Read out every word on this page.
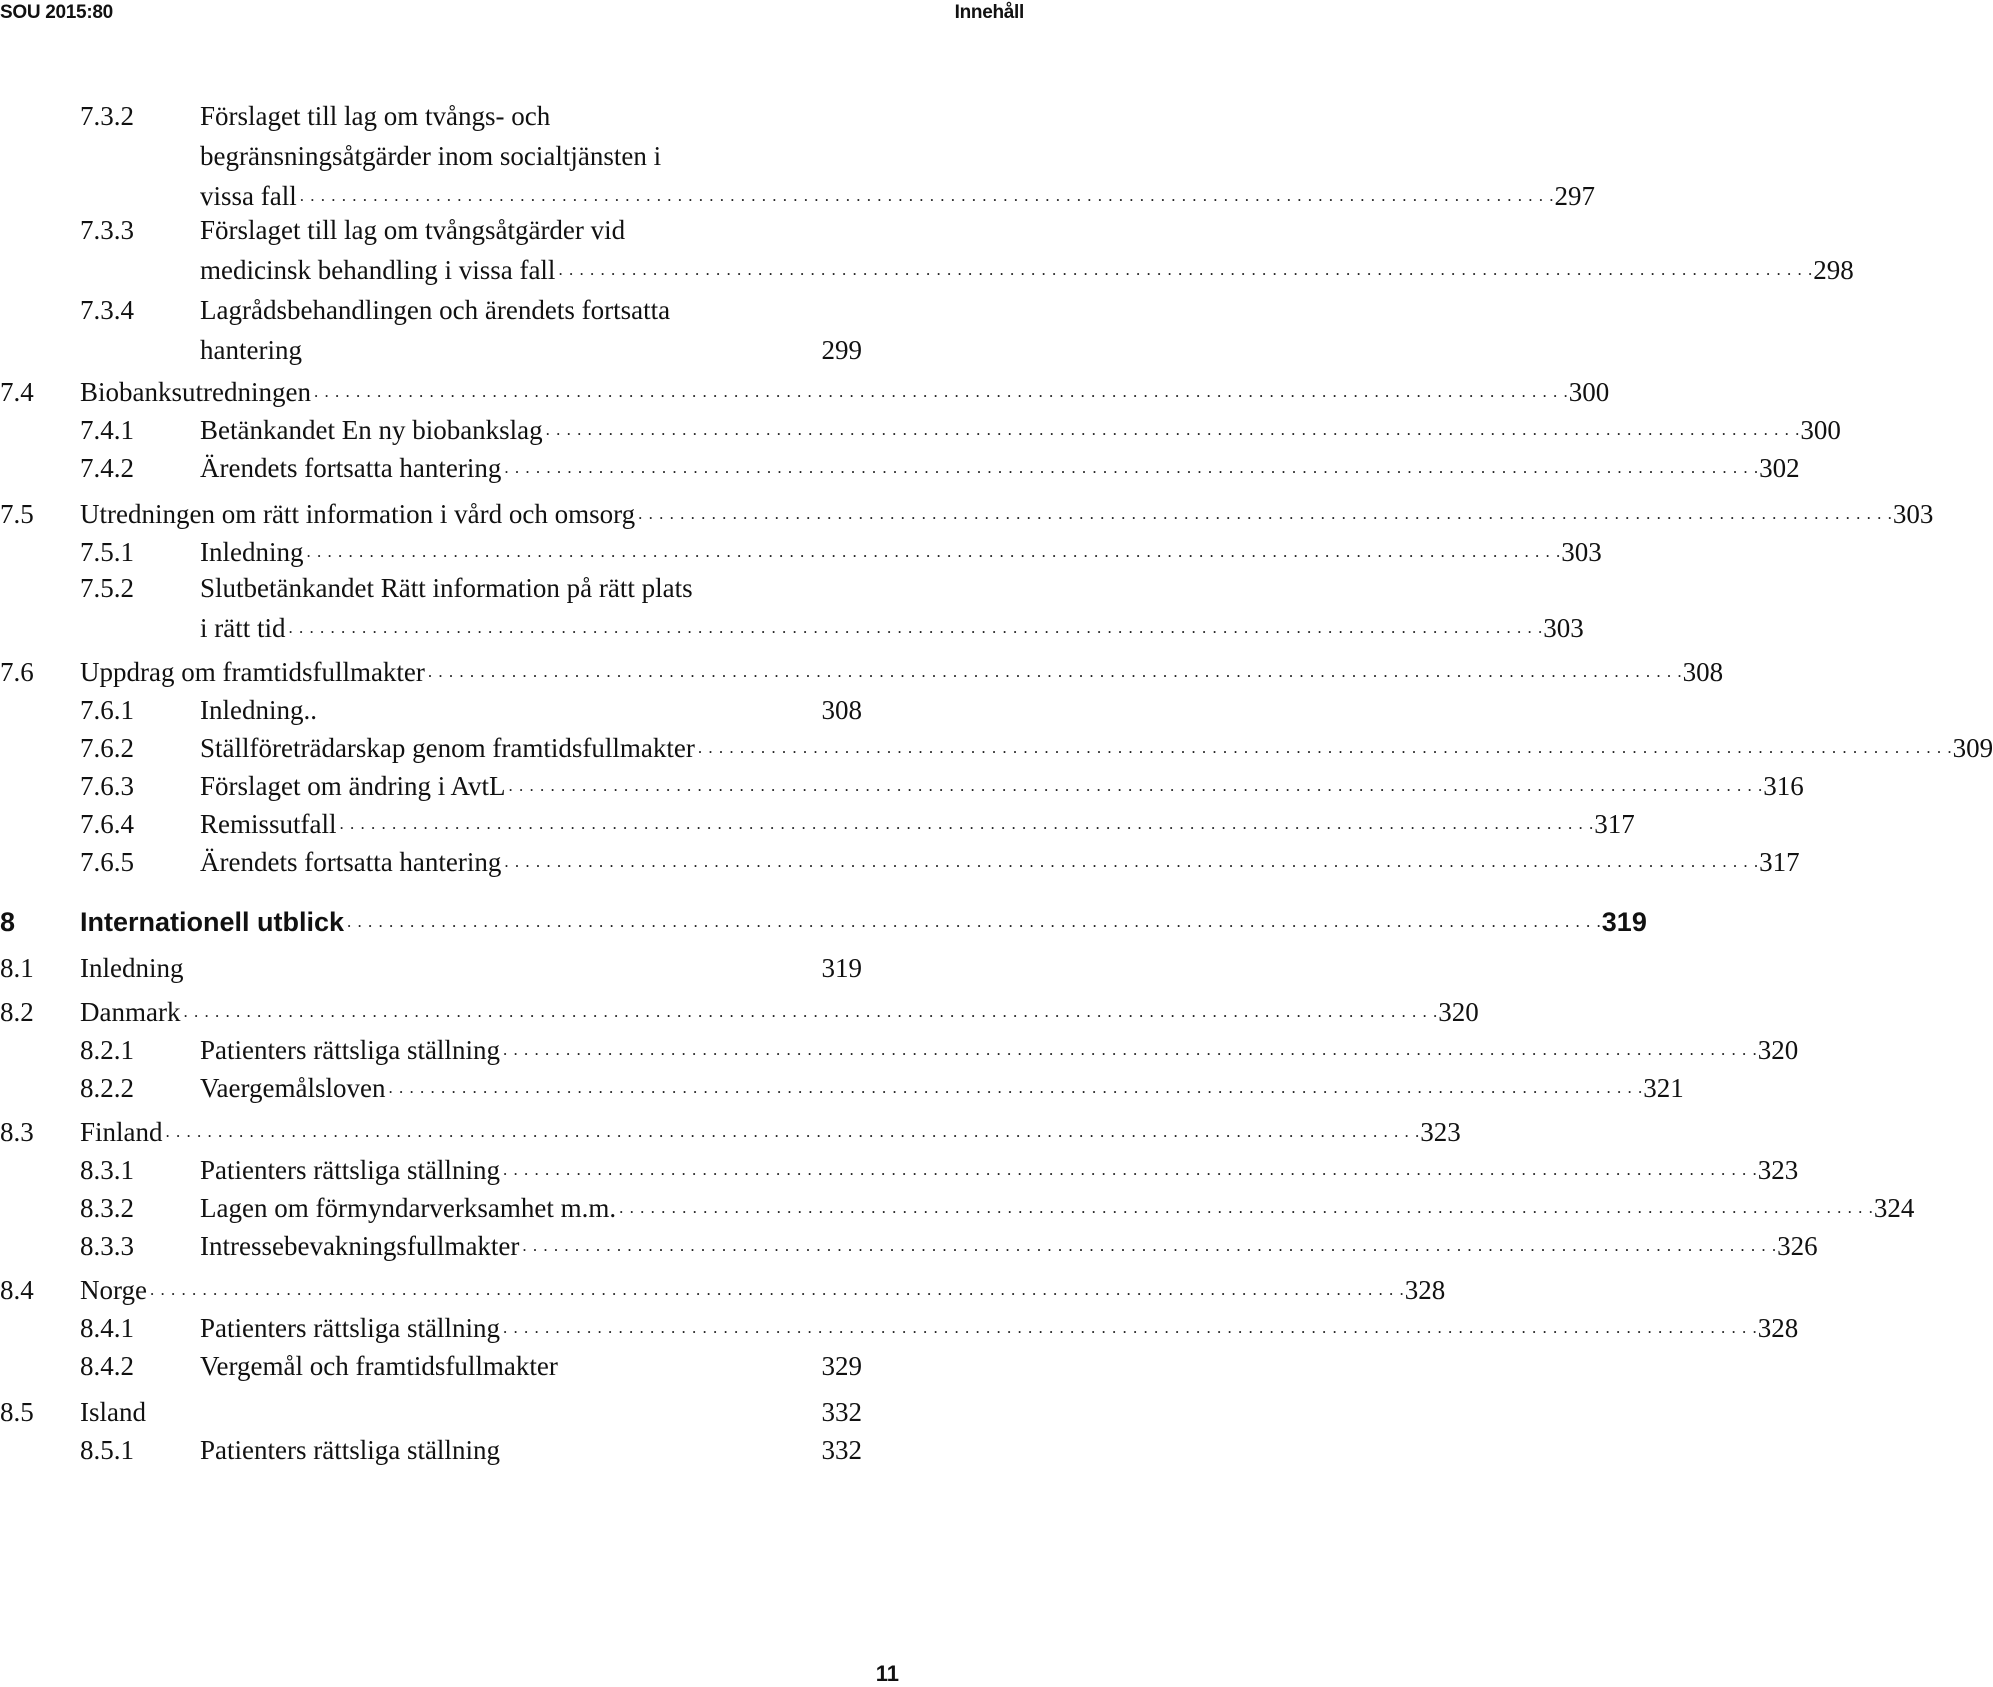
SOU 2015:80	Innehåll
7.3.2 Förslaget till lag om tvångs- och
begränsningsåtgärder inom socialtjänsten i
vissa fall . . . . . . . . . . . . . . . . . . . . . . . . . . . . . . . . . . . . . . . . . . . . . . . . . . . . . . . . . . . . . . . . . . . . . . . . . . . . . . . . . . . . . . . . . . . . . . . . . . . . . . . . . . . . . . . . . . . . . . . . 297
7.3.3 Förslaget till lag om tvångsåtgärder vid
medicinsk behandling i vissa fall . . . . . . . . . . . . . . . . . . . . . . . . . . . . . . . . . . . . . . . . . . . . . . . . . . . . . . . . . . . . . . . . . . . . . . . . . . . . . . . . . . . . . . . . . . . . . . . . . . . . . . . . . . . . . . . . . . . . . . . . 298
7.3.4 Lagrådsbehandlingen och ärendets fortsatta
hantering	299
7.4 Biobanksutredningen . . . . . . . . . . . . . . . . . . . . . . . . . . . . . . . . . . . . . . . . . . . . . . . . . . . . . . . . . . . . . . . . . . . . . . . . . . . . . . . . . . . . . . . . . . . . . . . . . . . . . . . . . . . . . . . . . . . . . . . . 300
7.4.1 Betänkandet En ny biobankslag . . . . . . . . . . . . . . . . . . . . . . . . . . . . . . . . . . . . . . . . . . . . . . . . . . . . . . . . . . . . . . . . . . . . . . . . . . . . . . . . . . . . . . . . . . . . . . . . . . . . . . . . . . . . . . . . . . . . . . . . 300
7.4.2 Ärendets fortsatta hantering . . . . . . . . . . . . . . . . . . . . . . . . . . . . . . . . . . . . . . . . . . . . . . . . . . . . . . . . . . . . . . . . . . . . . . . . . . . . . . . . . . . . . . . . . . . . . . . . . . . . . . . . . . . . . . . . . . . . . . . . 302
7.5 Utredningen om rätt information i vård och omsorg . . . . . . . . . . . . . . . . . . . . . . . . . . . . . . . . . . . . . . . . . . . . . . . . . . . . . . . . . . . . . . . . . . . . . . . . . . . . . . . . . . . . . . . . . . . . . . . . . . . . . . . . . . . . . . . . . . . . . . . . 303
7.5.1 Inledning . . . . . . . . . . . . . . . . . . . . . . . . . . . . . . . . . . . . . . . . . . . . . . . . . . . . . . . . . . . . . . . . . . . . . . . . . . . . . . . . . . . . . . . . . . . . . . . . . . . . . . . . . . . . . . . . . . . . . . . . 303
7.5.2 Slutbetänkandet Rätt information på rätt plats
i rätt tid . . . . . . . . . . . . . . . . . . . . . . . . . . . . . . . . . . . . . . . . . . . . . . . . . . . . . . . . . . . . . . . . . . . . . . . . . . . . . . . . . . . . . . . . . . . . . . . . . . . . . . . . . . . . . . . . . . . . . . . . 303
7.6 Uppdrag om framtidsfullmakter . . . . . . . . . . . . . . . . . . . . . . . . . . . . . . . . . . . . . . . . . . . . . . . . . . . . . . . . . . . . . . . . . . . . . . . . . . . . . . . . . . . . . . . . . . . . . . . . . . . . . . . . . . . . . . . . . . . . . . . . 308
7.6.1 Inledning..	308
7.6.2 Ställföreträdarskap genom framtidsfullmakter . . . . . . . . . . . . . . . . . . . . . . . . . . . . . . . . . . . . . . . . . . . . . . . . . . . . . . . . . . . . . . . . . . . . . . . . . . . . . . . . . . . . . . . . . . . . . . . . . . . . . . . . . . . . . . . . . . . . . . . . 309
7.6.3 Förslaget om ändring i AvtL . . . . . . . . . . . . . . . . . . . . . . . . . . . . . . . . . . . . . . . . . . . . . . . . . . . . . . . . . . . . . . . . . . . . . . . . . . . . . . . . . . . . . . . . . . . . . . . . . . . . . . . . . . . . . . . . . . . . . . . . 316
7.6.4 Remissutfall . . . . . . . . . . . . . . . . . . . . . . . . . . . . . . . . . . . . . . . . . . . . . . . . . . . . . . . . . . . . . . . . . . . . . . . . . . . . . . . . . . . . . . . . . . . . . . . . . . . . . . . . . . . . . . . . . . . . . . . . 317
7.6.5 Ärendets fortsatta hantering . . . . . . . . . . . . . . . . . . . . . . . . . . . . . . . . . . . . . . . . . . . . . . . . . . . . . . . . . . . . . . . . . . . . . . . . . . . . . . . . . . . . . . . . . . . . . . . . . . . . . . . . . . . . . . . . . . . . . . . . 317
8 Internationell utblick . . . . . . . . . . . . . . . . . . . . . . . . . . . . . . . . . . . . . . . . . . . . . . . . . . . . . . . . . . . . . . . . . . . . . . . . . . . . . . . . . . . . . . . . . . . . . . . . . . . . . . . . . . . . . . . . . . . . . . . . 319
8.1 Inledning	319
8.2 Danmark . . . . . . . . . . . . . . . . . . . . . . . . . . . . . . . . . . . . . . . . . . . . . . . . . . . . . . . . . . . . . . . . . . . . . . . . . . . . . . . . . . . . . . . . . . . . . . . . . . . . . . . . . . . . . . . . . . . . . . . . 320
8.2.1 Patienters rättsliga ställning . . . . . . . . . . . . . . . . . . . . . . . . . . . . . . . . . . . . . . . . . . . . . . . . . . . . . . . . . . . . . . . . . . . . . . . . . . . . . . . . . . . . . . . . . . . . . . . . . . . . . . . . . . . . . . . . . . . . . . . . 320
8.2.2 Vaergemålsloven . . . . . . . . . . . . . . . . . . . . . . . . . . . . . . . . . . . . . . . . . . . . . . . . . . . . . . . . . . . . . . . . . . . . . . . . . . . . . . . . . . . . . . . . . . . . . . . . . . . . . . . . . . . . . . . . . . . . . . . . 321
8.3 Finland . . . . . . . . . . . . . . . . . . . . . . . . . . . . . . . . . . . . . . . . . . . . . . . . . . . . . . . . . . . . . . . . . . . . . . . . . . . . . . . . . . . . . . . . . . . . . . . . . . . . . . . . . . . . . . . . . . . . . . . . 323
8.3.1 Patienters rättsliga ställning . . . . . . . . . . . . . . . . . . . . . . . . . . . . . . . . . . . . . . . . . . . . . . . . . . . . . . . . . . . . . . . . . . . . . . . . . . . . . . . . . . . . . . . . . . . . . . . . . . . . . . . . . . . . . . . . . . . . . . . . 323
8.3.2 Lagen om förmyndarverksamhet m.m. . . . . . . . . . . . . . . . . . . . . . . . . . . . . . . . . . . . . . . . . . . . . . . . . . . . . . . . . . . . . . . . . . . . . . . . . . . . . . . . . . . . . . . . . . . . . . . . . . . . . . . . . . . . . . . . . . . . . . . . . 324
8.3.3 Intressebevakningsfullmakter . . . . . . . . . . . . . . . . . . . . . . . . . . . . . . . . . . . . . . . . . . . . . . . . . . . . . . . . . . . . . . . . . . . . . . . . . . . . . . . . . . . . . . . . . . . . . . . . . . . . . . . . . . . . . . . . . . . . . . . . 326
8.4 Norge . . . . . . . . . . . . . . . . . . . . . . . . . . . . . . . . . . . . . . . . . . . . . . . . . . . . . . . . . . . . . . . . . . . . . . . . . . . . . . . . . . . . . . . . . . . . . . . . . . . . . . . . . . . . . . . . . . . . . . . . 328
8.4.1 Patienters rättsliga ställning . . . . . . . . . . . . . . . . . . . . . . . . . . . . . . . . . . . . . . . . . . . . . . . . . . . . . . . . . . . . . . . . . . . . . . . . . . . . . . . . . . . . . . . . . . . . . . . . . . . . . . . . . . . . . . . . . . . . . . . . 328
8.4.2 Vergemål och framtidsfullmakter	329
8.5 Island	332
8.5.1 Patienters rättsliga ställning	332
11
